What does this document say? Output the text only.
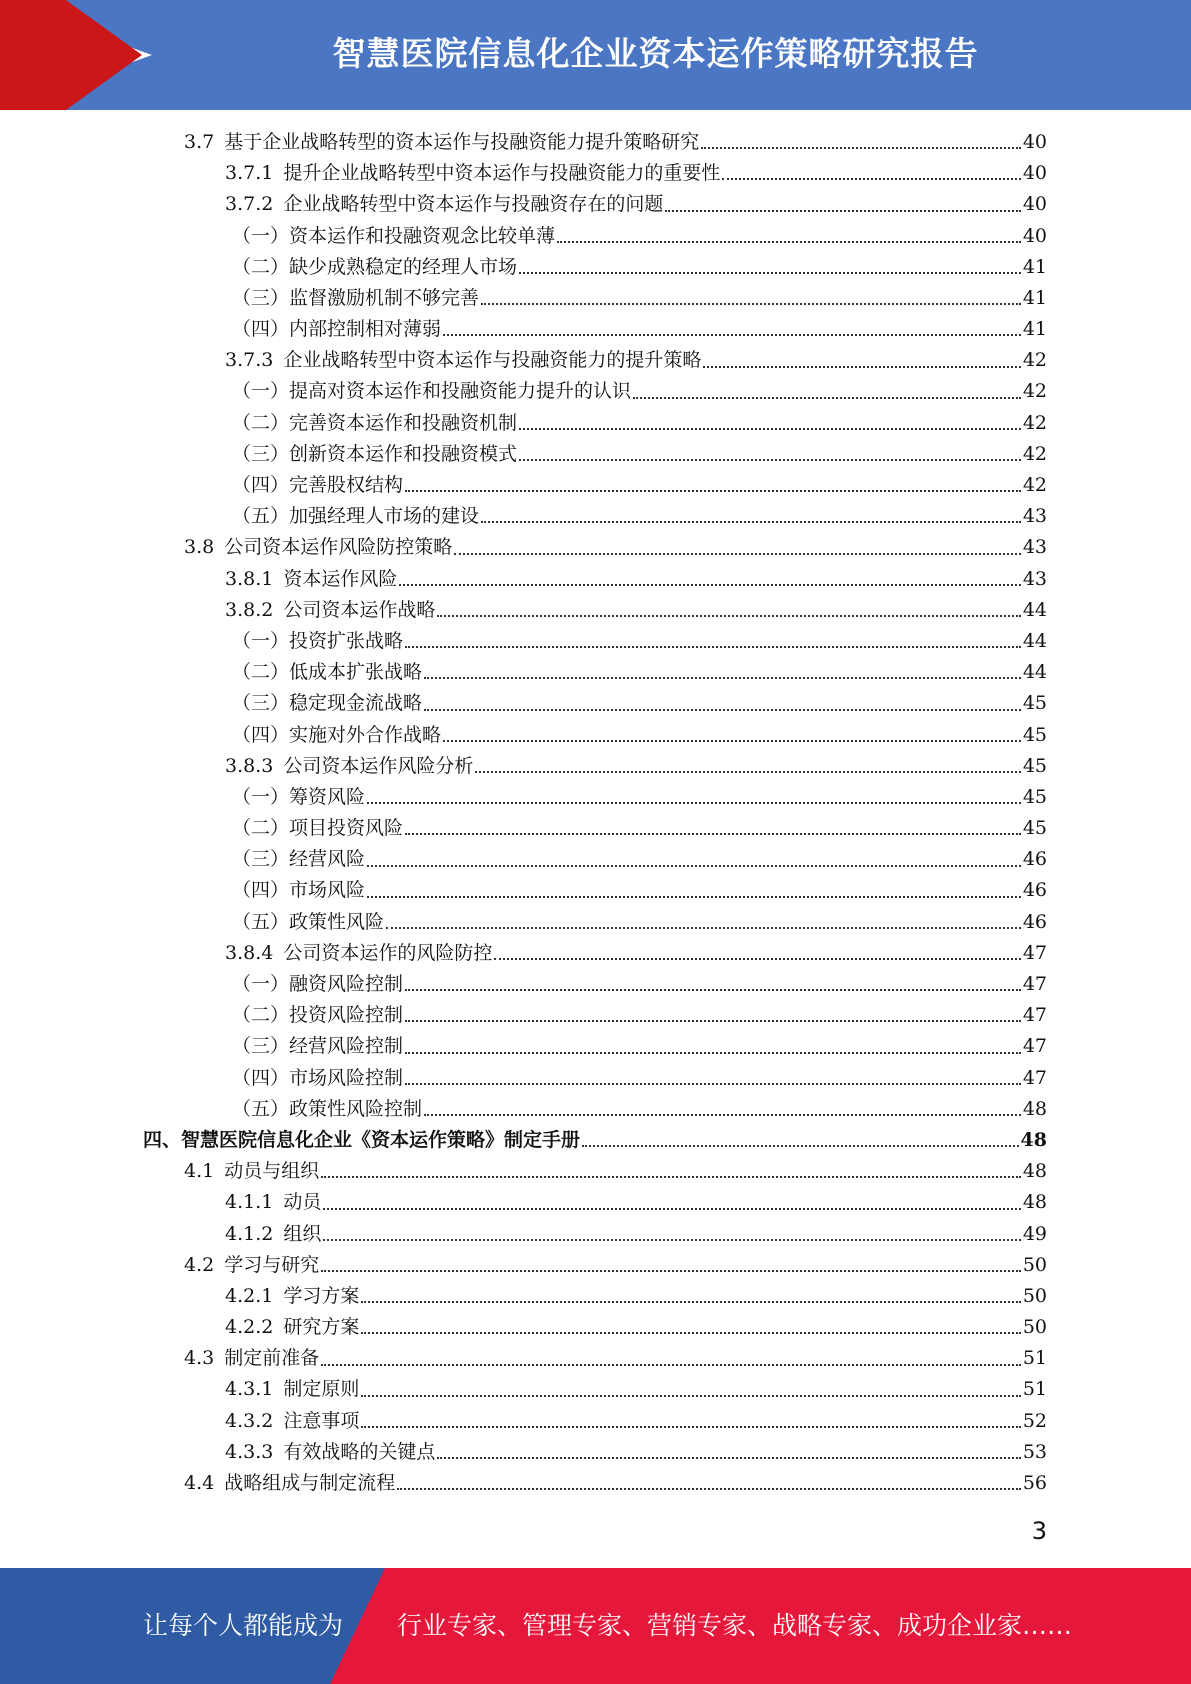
智慧医院信息化企业资本运作策略研究报告
3.7 基于企业战略转型的资本运作与投融资能力提升策略研究	40
3.7.1 提升企业战略转型中资本运作与投融资能力的重要性	40
3.7.2 企业战略转型中资本运作与投融资存在的问题	40
（一）资本运作和投融资观念比较单薄	40
（二）缺少成熟稳定的经理人市场	41
（三）监督激励机制不够完善	41
（四）内部控制相对薄弱	41
3.7.3 企业战略转型中资本运作与投融资能力的提升策略	42
（一）提高对资本运作和投融资能力提升的认识	42
（二）完善资本运作和投融资机制	42
（三）创新资本运作和投融资模式	42
（四）完善股权结构	42
（五）加强经理人市场的建设	43
3.8 公司资本运作风险防控策略	43
3.8.1 资本运作风险	43
3.8.2 公司资本运作战略	44
（一）投资扩张战略	44
（二）低成本扩张战略	44
（三）稳定现金流战略	45
（四）实施对外合作战略	45
3.8.3 公司资本运作风险分析	45
（一）筹资风险	45
（二）项目投资风险	45
（三）经营风险	46
（四）市场风险	46
（五）政策性风险	46
3.8.4 公司资本运作的风险防控	47
（一）融资风险控制	47
（二）投资风险控制	47
（三）经营风险控制	47
（四）市场风险控制	47
（五）政策性风险控制	48
四、智慧医院信息化企业《资本运作策略》制定手册	48
4.1 动员与组织	48
4.1.1 动员	48
4.1.2 组织	49
4.2 学习与研究	50
4.2.1 学习方案	50
4.2.2 研究方案	50
4.3 制定前准备	51
4.3.1 制定原则	51
4.3.2 注意事项	52
4.3.3 有效战略的关键点	53
4.4 战略组成与制定流程	56
3
让每个人都能成为 行业专家、管理专家、营销专家、战略专家、成功企业家……
